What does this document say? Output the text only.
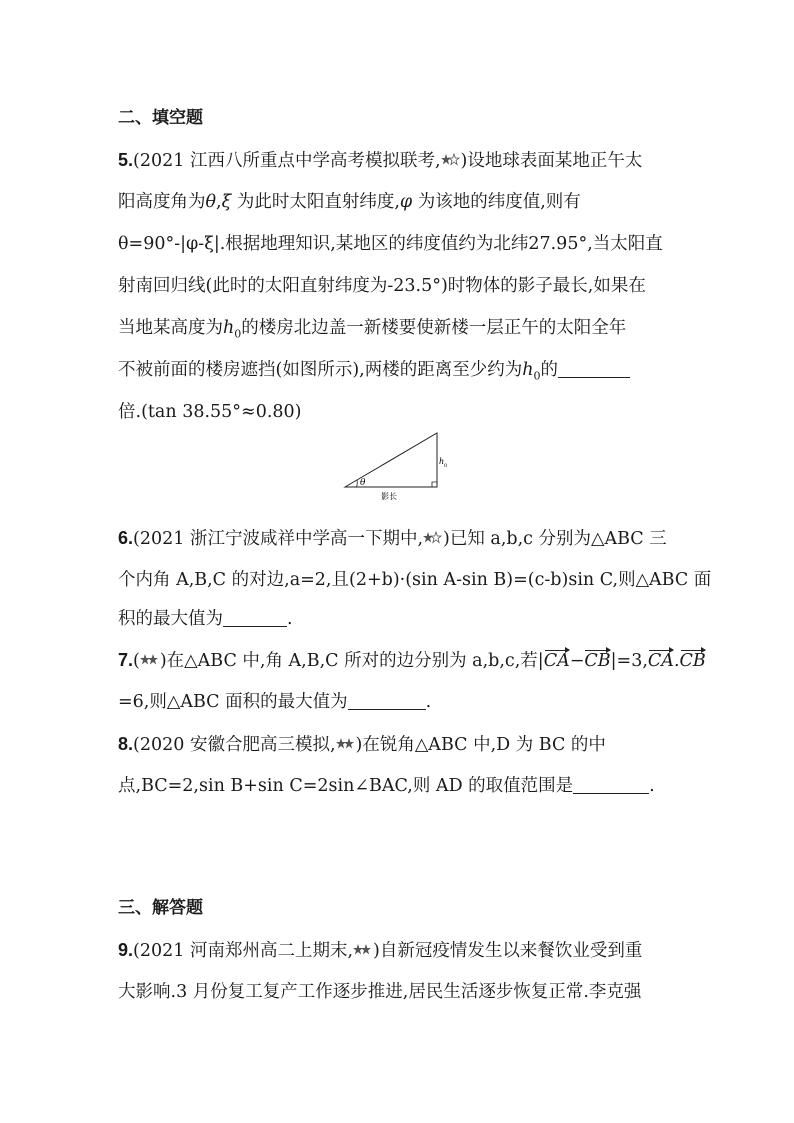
二、填空题
5.(2021 江西八所重点中学高考模拟联考, )设地球表面某地正午太
阳高度角为θ,ξ 为此时太阳直射纬度,φ 为该地的纬度值,则有
θ=90°-|φ-ξ|.根据地理知识,某地区的纬度值约为北纬27.95°,当太阳直
射南回归线(此时的太阳直射纬度为-23.5°)时物体的影子最长,如果在
当地某高度为$h_0$的楼房北边盖一新楼要使新楼一层正午的太阳全年
不被前面的楼房遮挡(如图所示),两楼的距离至少约为$h_0$的
倍.(tan 38.55°≈0.80)
θ
h 0
影长
6.(2021 浙江宁波咸祥中学高一下期中, )已知 a,b,c 分别为△ABC 三
个内角 A,B,C 的对边,a=2,且(2+b)·(sin A-sin B)=(c-b)sin C,则△ABC 面
积的最大值为	.
7.( )在△ABC 中,角 A,B,C 所对的边分别为 a,b,c,若|CA−CB|=3,CA.CB
=6,则△ABC 面积的最大值为	.
8.(2020 安徽合肥高三模拟, )在锐角△ABC 中,D 为 BC 的中
点,BC=2,sin B+sin C=2sin∠BAC,则 AD 的取值范围是	.
三、解答题
9.(2021 河南郑州高二上期末, )自新冠疫情发生以来餐饮业受到重
大影响.3 月份复工复产工作逐步推进,居民生活逐步恢复正常.李克强
